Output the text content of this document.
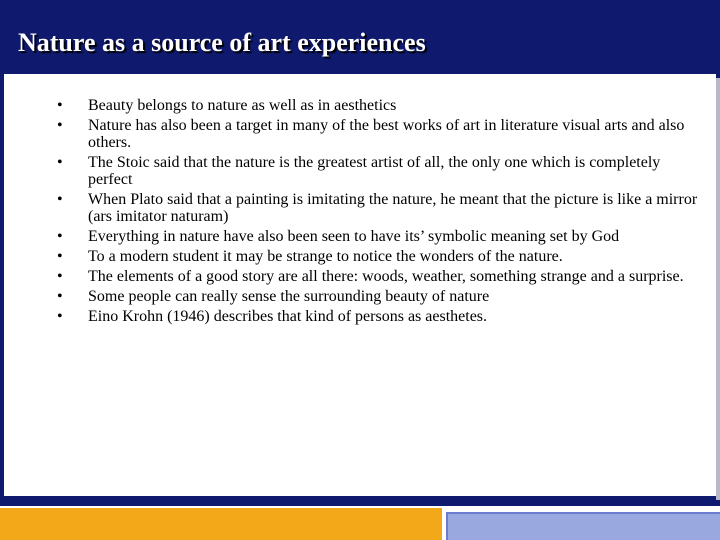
Nature as a source of art experiences
• Beauty belongs to nature as well as in aesthetics
• Nature has also been a target in many of the best works of art in literature visual arts and also others.
• The Stoic said that the nature is the greatest artist of all, the only one which is completely perfect
• When Plato said that a painting is imitating the nature, he meant that the picture is like a mirror (ars imitator naturam)
• Everything in nature have also been seen to have its’ symbolic meaning set by God
• To a modern student it may be strange to notice the wonders of the nature.
• The elements of a good story are all there: woods, weather, something strange and a surprise.
• Some people can really sense the surrounding beauty of nature
• Eino Krohn (1946) describes that kind of persons as aesthetes.
